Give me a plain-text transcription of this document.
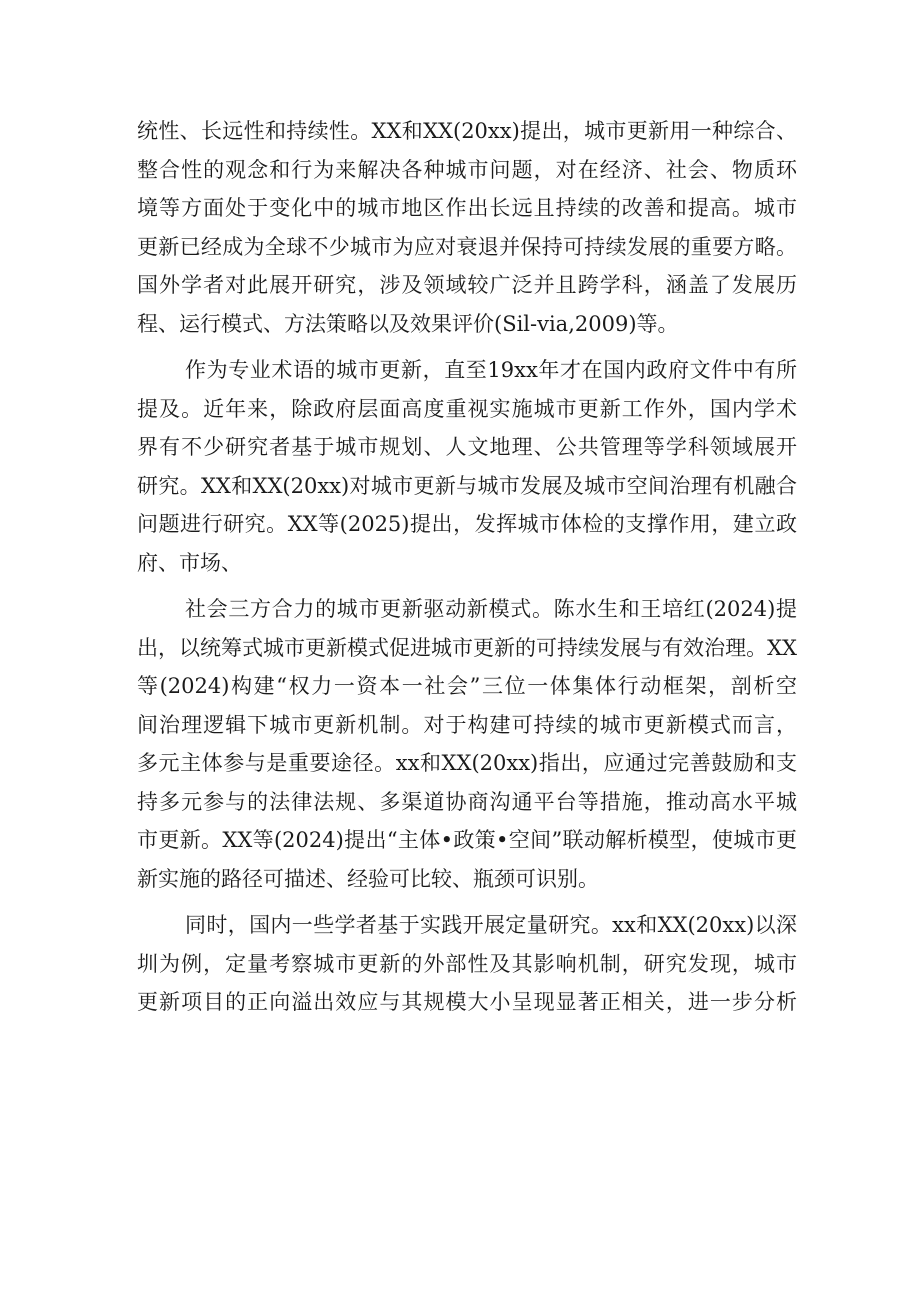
统性、长远性和持续性。XX和XX(20xx)提出，城市更新用一种综合、
整合性的观念和行为来解决各种城市问题，对在经济、社会、物质环
境等方面处于变化中的城市地区作出长远且持续的改善和提高。城市
更新已经成为全球不少城市为应对衰退并保持可持续发展的重要方略。
国外学者对此展开研究，涉及领域较广泛并且跨学科，涵盖了发展历
程、运行模式、方法策略以及效果评价(Sil-via,2009)等。
作为专业术语的城市更新，直至19xx年才在国内政府文件中有所
提及。近年来，除政府层面高度重视实施城市更新工作外，国内学术
界有不少研究者基于城市规划、人文地理、公共管理等学科领域展开
研究。XX和XX(20xx)对城市更新与城市发展及城市空间治理有机融合
问题进行研究。XX等(2025)提出，发挥城市体检的支撑作用，建立政
府、市场、
社会三方合力的城市更新驱动新模式。陈水生和王培红(2024)提
出，以统筹式城市更新模式促进城市更新的可持续发展与有效治理。XX
等(2024)构建“权力一资本一社会”三位一体集体行动框架，剖析空
间治理逻辑下城市更新机制。对于构建可持续的城市更新模式而言，
多元主体参与是重要途径。xx和XX(20xx)指出，应通过完善鼓励和支
持多元参与的法律法规、多渠道协商沟通平台等措施，推动高水平城
市更新。XX等(2024)提出“主体•政策•空间”联动解析模型，使城市更
新实施的路径可描述、经验可比较、瓶颈可识别。
同时，国内一些学者基于实践开展定量研究。xx和XX(20xx)以深
圳为例，定量考察城市更新的外部性及其影响机制，研究发现，城市
更新项目的正向溢出效应与其规模大小呈现显著正相关，进一步分析
